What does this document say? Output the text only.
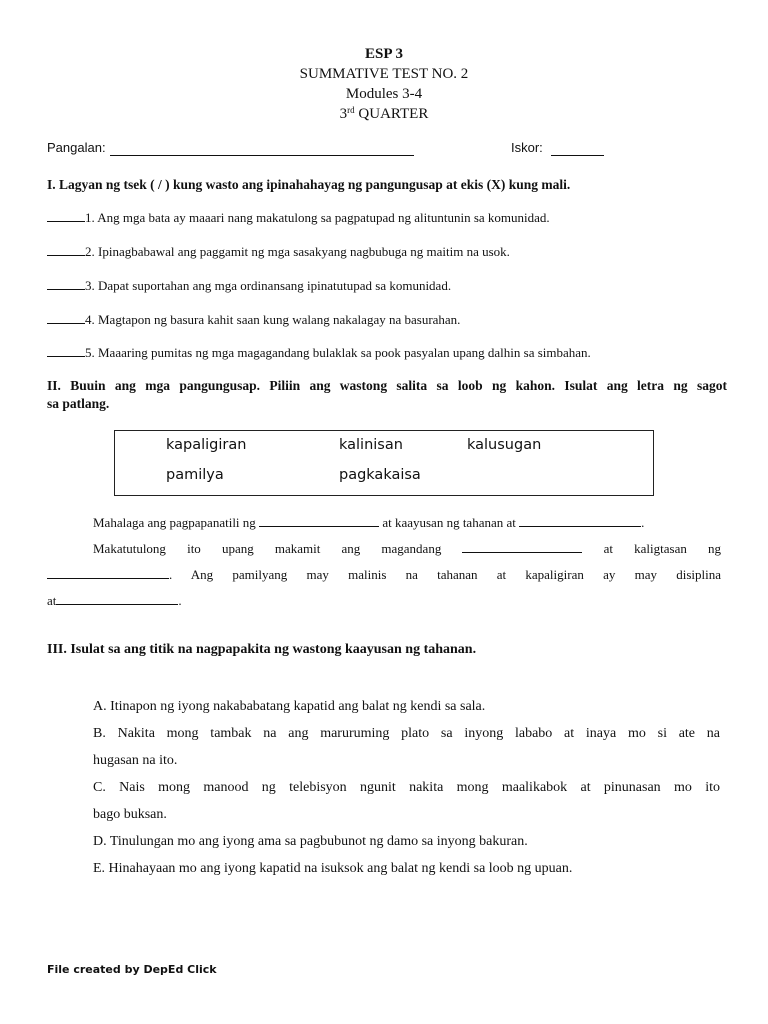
ESP 3
SUMMATIVE TEST NO. 2
Modules 3-4
3rd QUARTER
Pangalan:	Iskor:
I. Lagyan ng tsek ( / ) kung wasto ang ipinahahayag ng pangungusap at ekis (X) kung mali.
1. Ang mga bata ay maaari nang makatulong sa pagpatupad ng alituntunin sa komunidad.
2. Ipinagbabawal ang paggamit ng mga sasakyang nagbubuga ng maitim na usok.
3. Dapat suportahan ang mga ordinansang ipinatutupad sa komunidad.
4. Magtapon ng basura kahit saan kung walang nakalagay na basurahan.
5. Maaaring pumitas ng mga magagandang bulaklak sa pook pasyalan upang dalhin sa simbahan.
II. Buuin ang mga pangungusap. Piliin ang wastong salita sa loob ng kahon. Isulat ang letra ng sagot
sa patlang.
kapaligiran	kalinisan	kalusugan
pamilya	pagkakaisa

Mahalaga ang pagpapanatili ng	at kaayusan ng tahanan at	.

Makatutulong ito upang makamit ang magandang	at kaligtasan ng

. Ang pamilyang may malinis na tahanan at kapaligiran ay may disiplina

at	.

III. Isulat sa ang titik na nagpapakita ng wastong kaayusan ng tahanan.

A. Itinapon ng iyong nakababatang kapatid ang balat ng kendi sa sala.

B. Nakita mong tambak na ang maruruming plato sa inyong lababo at inaya mo si ate na

hugasan na ito.

C. Nais mong manood ng telebisyon ngunit nakita mong maalikabok at pinunasan mo ito

bago buksan.

D. Tinulungan mo ang iyong ama sa pagbubunot ng damo sa inyong bakuran.

E. Hinahayaan mo ang iyong kapatid na isuksok ang balat ng kendi sa loob ng upuan.

File created by DepEd Click
